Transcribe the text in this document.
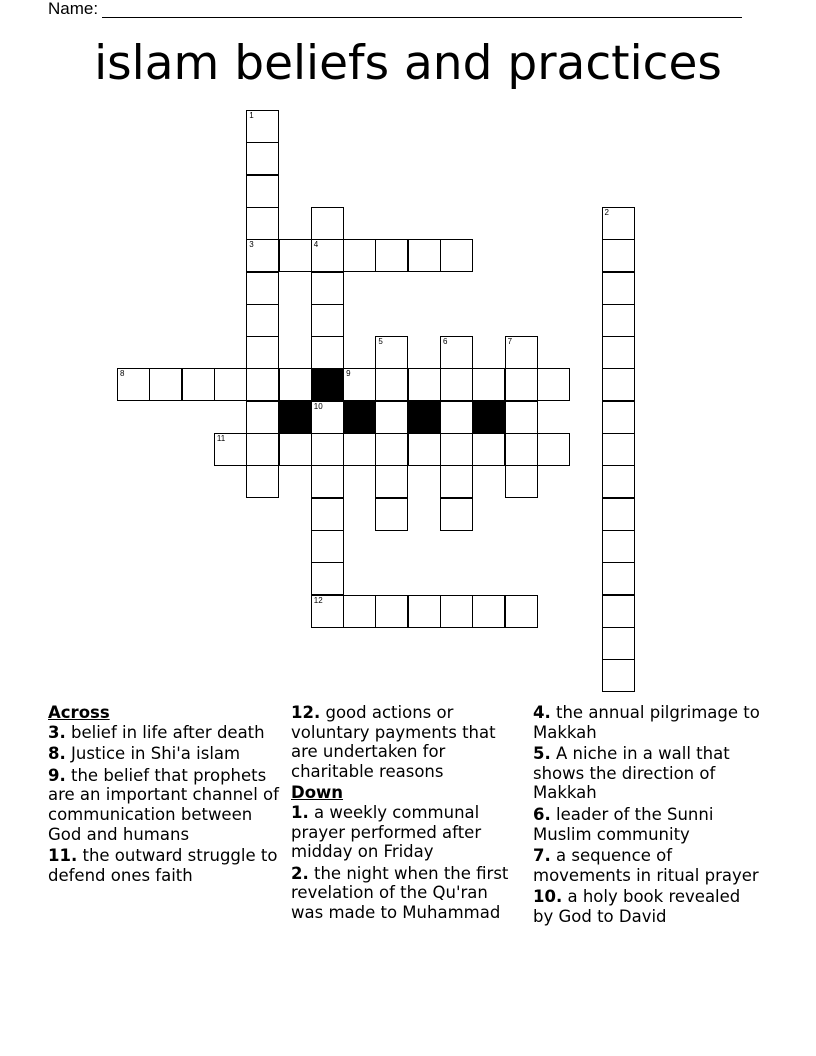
Name:
islam beliefs and practices
1
3	4
10
5	6	7
2
8	9
11
12

Across

3. belief in life after death

8. Justice in Shi'a islam

9. the belief that prophets are an important channel of communication between God and humans

11. the outward struggle to defend ones faith

12. good actions or voluntary payments that are undertaken for charitable reasons

Down

1. a weekly communal prayer performed after midday on Friday

2. the night when the first revelation of the Qu'ran was made to Muhammad

4. the annual pilgrimage to Makkah

5. A niche in a wall that shows the direction of Makkah

6. leader of the Sunni Muslim community

7. a sequence of movements in ritual prayer

10. a holy book revealed by God to David
